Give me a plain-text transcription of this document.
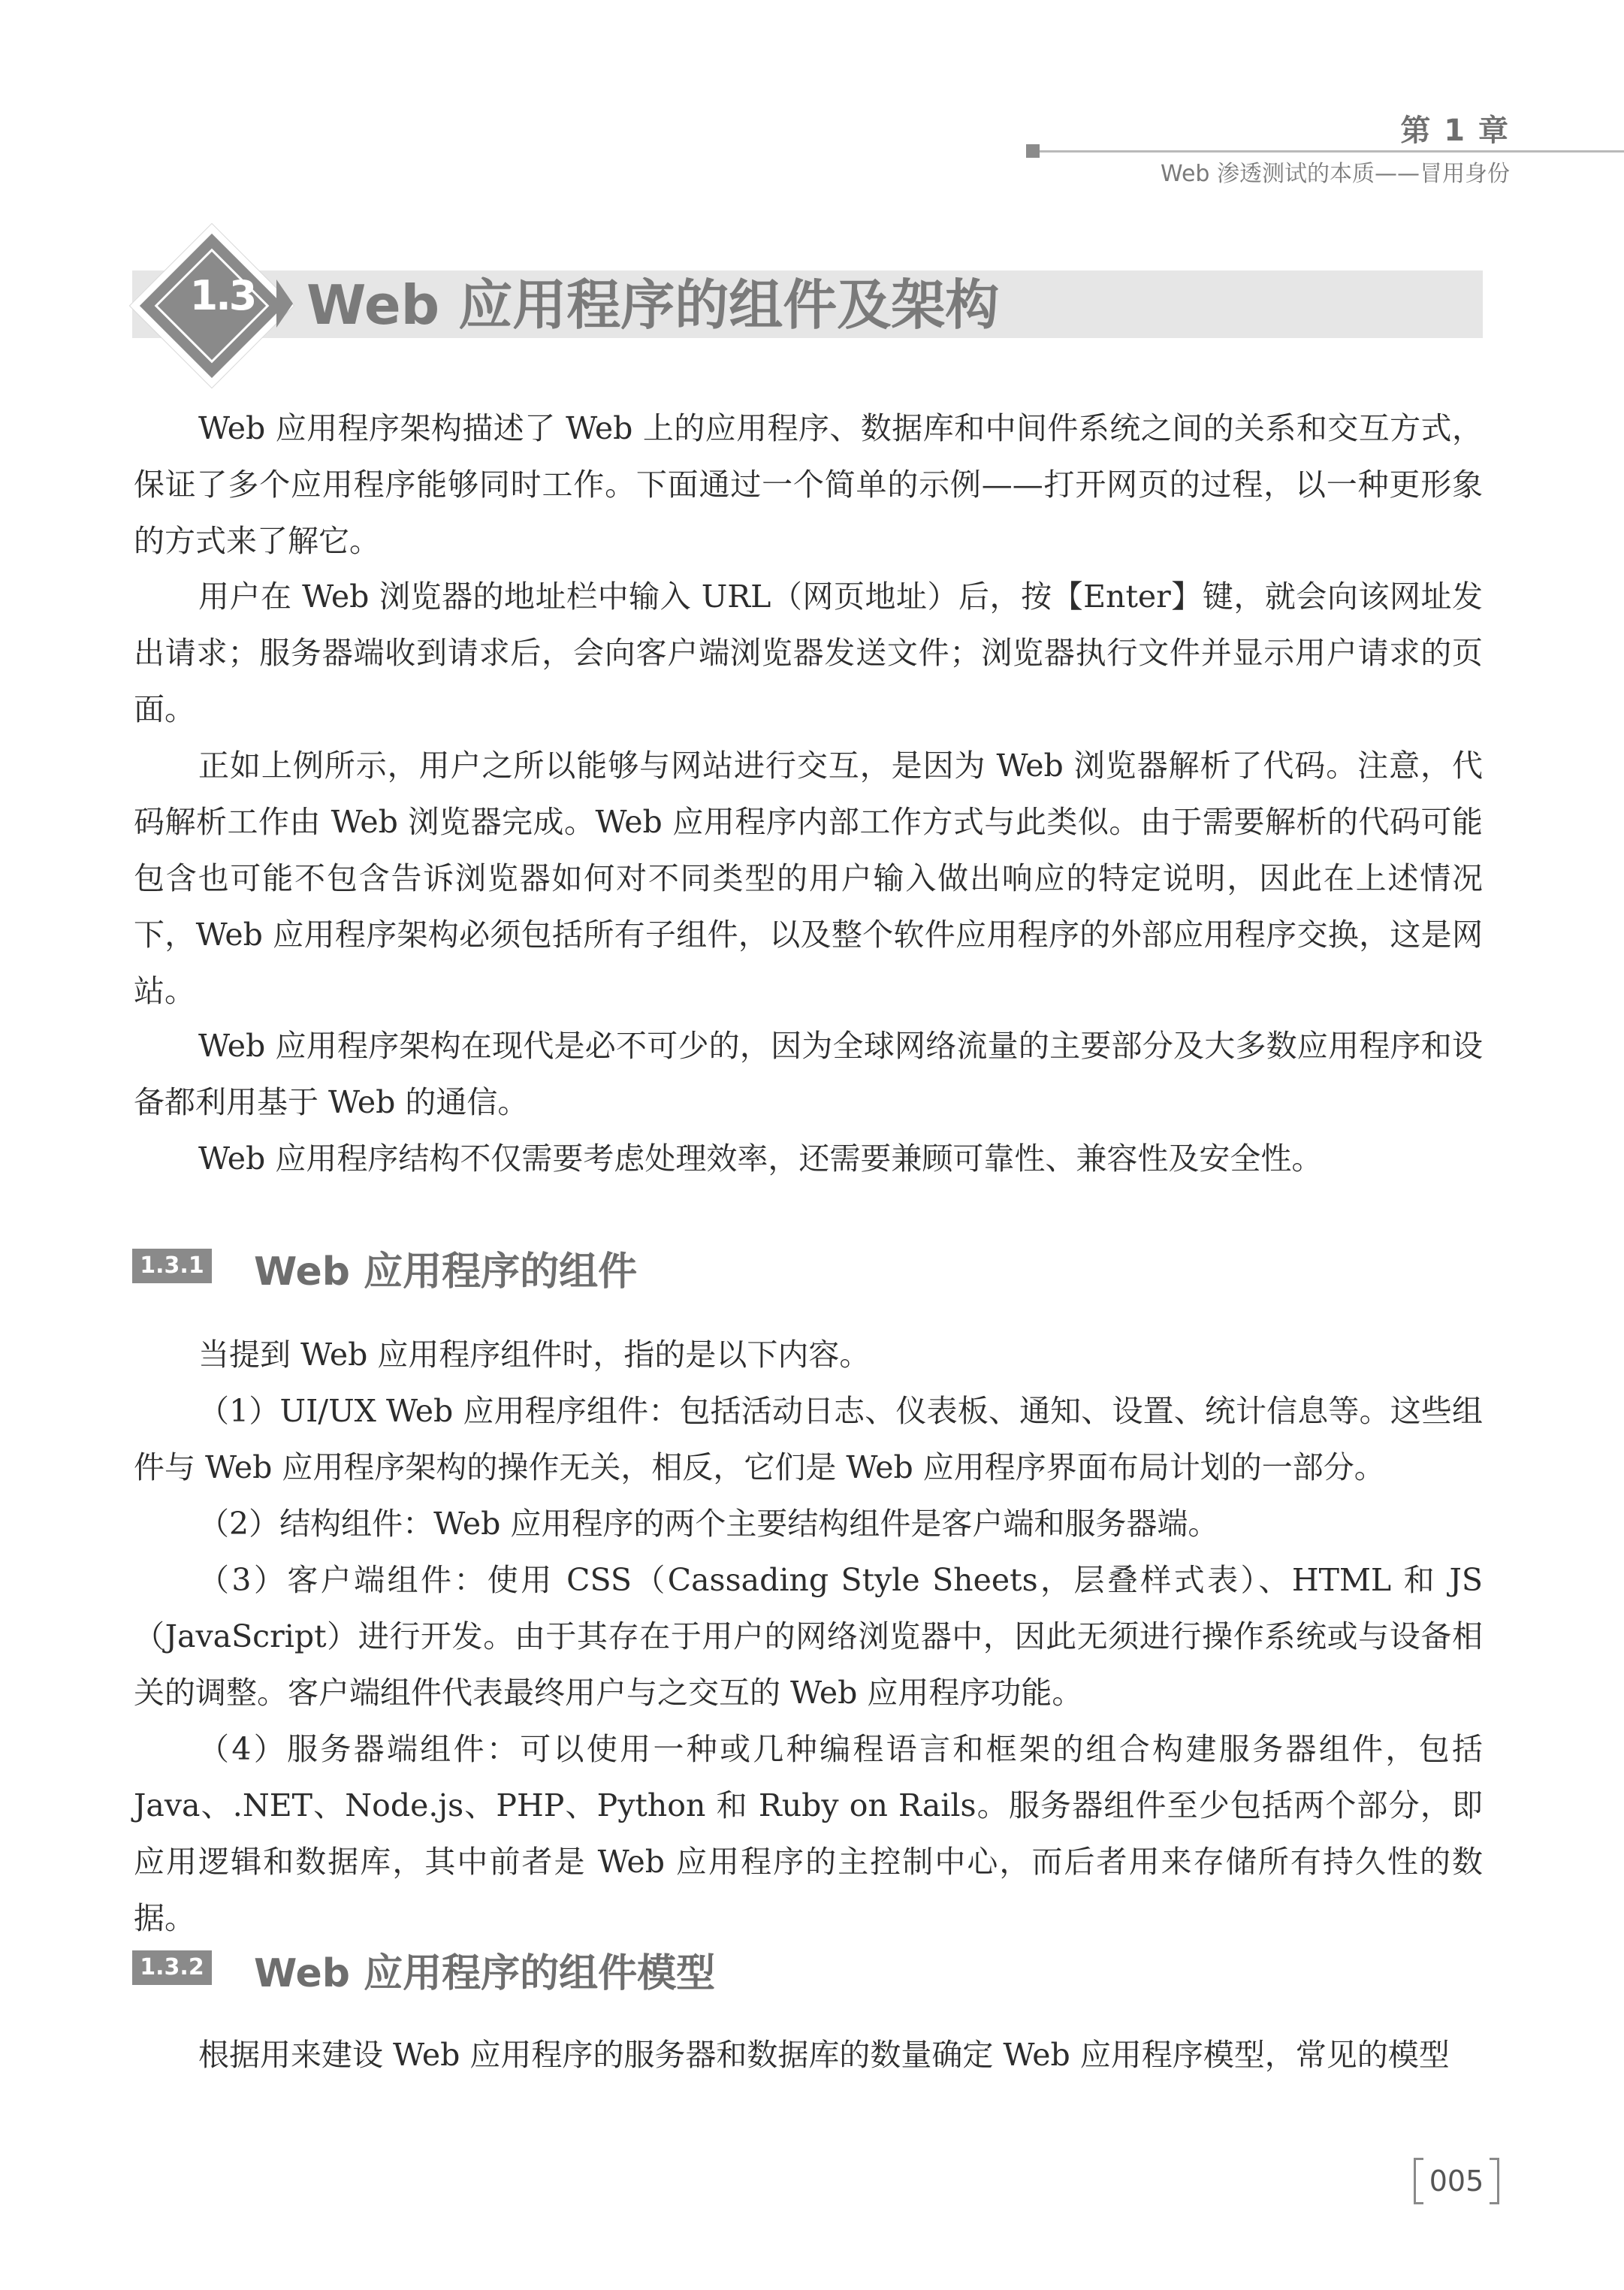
第 1 章
Web 渗透测试的本质——冒用身份
1.3 Web 应用程序的组件及架构

Web 应用程序架构描述了 Web 上的应用程序、数据库和中间件系统之间的关系和交互方式，保证了多个应用程序能够同时工作。下面通过一个简单的示例——打开网页的过程，以一种更形象的方式来了解它。

用户在 Web 浏览器的地址栏中输入 URL（网页地址）后，按【Enter】键，就会向该网址发出请求；服务器端收到请求后，会向客户端浏览器发送文件；浏览器执行文件并显示用户请求的页面。

正如上例所示，用户之所以能够与网站进行交互，是因为 Web 浏览器解析了代码。注意，代码解析工作由 Web 浏览器完成。Web 应用程序内部工作方式与此类似。由于需要解析的代码可能包含也可能不包含告诉浏览器如何对不同类型的用户输入做出响应的特定说明，因此在上述情况下，Web 应用程序架构必须包括所有子组件，以及整个软件应用程序的外部应用程序交换，这是网站。

Web 应用程序架构在现代是必不可少的，因为全球网络流量的主要部分及大多数应用程序和设备都利用基于 Web 的通信。

Web 应用程序结构不仅需要考虑处理效率，还需要兼顾可靠性、兼容性及安全性。

1.3.1 Web 应用程序的组件

当提到 Web 应用程序组件时，指的是以下内容。

（1）UI/UX Web 应用程序组件：包括活动日志、仪表板、通知、设置、统计信息等。这些组件与 Web 应用程序架构的操作无关，相反，它们是 Web 应用程序界面布局计划的一部分。

（2）结构组件：Web 应用程序的两个主要结构组件是客户端和服务器端。

（3）客户端组件：使用 CSS（Cassading Style Sheets，层叠样式表）、HTML 和 JS（JavaScript）进行开发。由于其存在于用户的网络浏览器中，因此无须进行操作系统或与设备相关的调整。客户端组件代表最终用户与之交互的 Web 应用程序功能。

（4）服务器端组件：可以使用一种或几种编程语言和框架的组合构建服务器组件，包括 Java、.NET、Node.js、PHP、Python 和 Ruby on Rails。服务器组件至少包括两个部分，即应用逻辑和数据库，其中前者是 Web 应用程序的主控制中心，而后者用来存储所有持久性的数据。

1.3.2 Web 应用程序的组件模型

根据用来建设 Web 应用程序的服务器和数据库的数量确定 Web 应用程序模型，常见的模型

005
